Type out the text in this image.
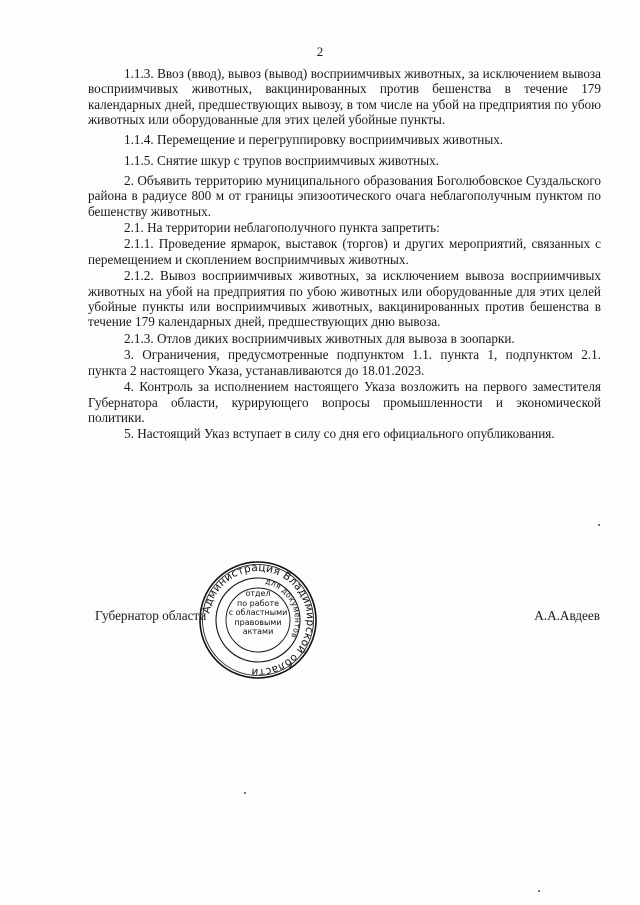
2

1.1.3. Ввоз (ввод), вывоз (вывод) восприимчивых животных, за исключением вывоза восприимчивых животных, вакцинированных против бешенства в течение 179 календарных дней, предшествующих вывозу, в том числе на убой на предприятия по убою животных или оборудованные для этих целей убойные пункты.

1.1.4. Перемещение и перегруппировку восприимчивых животных.

1.1.5. Снятие шкур с трупов восприимчивых животных.

2. Объявить территорию муниципального образования Боголюбовское Суздальского района в радиусе 800 м от границы эпизоотического очага неблагополучным пунктом по бешенству животных.

2.1. На территории неблагополучного пункта запретить:

2.1.1. Проведение ярмарок, выставок (торгов) и других мероприятий, связанных с перемещением и скоплением восприимчивых животных.

2.1.2. Вывоз восприимчивых животных, за исключением вывоза восприимчивых животных на убой на предприятия по убою животных или оборудованные для этих целей убойные пункты или восприимчивых животных, вакцинированных против бешенства в течение 179 календарных дней, предшествующих дню вывоза.

2.1.3. Отлов диких восприимчивых животных для вывоза в зоопарки.

3. Ограничения, предусмотренные подпунктом 1.1. пункта 1, подпунктом 2.1. пункта 2 настоящего Указа, устанавливаются до 18.01.2023.

4. Контроль за исполнением настоящего Указа возложить на первого заместителя Губернатора области, курирующего вопросы промышленности и экономической политики.

5. Настоящий Указ вступает в силу со дня его официального опубликования.

Губернатор области	А.А.Авдеев
Администрация Владимирской области
для документов
отдел
по работе
с областными
правовыми
актами
